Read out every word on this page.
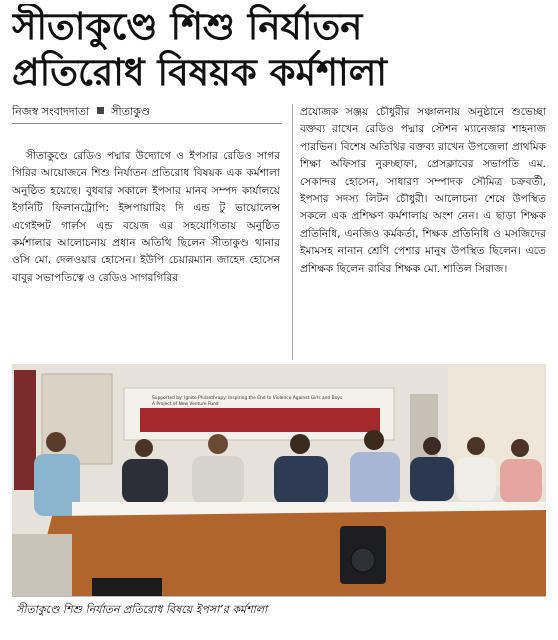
সীতাকুণ্ডে শিশু নির্যাতন
প্রতিরোধ বিষয়ক কর্মশালা
নিজস্ব সংবাদদাতা সীতাকুণ্ড
সীতাকুণ্ডে রেডিও পদ্মার উদ্যোগে ও ইপসার রেডিও সাগর গিরির আয়োজনে শিশু নির্যাতন প্রতিরোধ বিষয়ক এক কর্মশালা অনুষ্ঠিত হয়েছে। বুধবার সকালে ইপসার মানব সম্পদ কার্যালয়ে ইগনিটি ফিলানট্রোপি: ইন্সপায়ারিং দি এন্ড টু ভায়োলেন্স এগেইন্সট গার্লস এন্ড বয়েজ এর সহযোগিতায় অনুষ্ঠিত কর্মশালার আলোচনায় প্রধান অতিথি ছিলেন সীতাকুণ্ড থানার ওসি মো. দেলওয়ার হোসেন। ইউপি চেয়ারম্যান জাহেদ হোসেন বাবুর সভাপতিত্বে ও রেডিও সাগরগিরির
প্রযোজক সঞ্জয় চৌধুরীর সঞ্চালনায় অনুষ্ঠানে শুভেচ্ছা বক্তব্য রাখেন রেডিও পদ্মার স্টেশন ম্যানেজার শাহনাজ পারভিন। বিশেষ অতিথির বক্তব্য রাখেন উপজেলা প্রাথমিক শিক্ষা অফিসার নুরুচ্ছাফা, প্রেসক্লাবের সভাপতি এম. সেকান্দর হোসেন, সাধারণ সম্পাদক সৌমিত্র চক্রবর্তী, ইপসার সদস্য লিটন চৌধুরী। আলোচনা শেষে উপস্থিত সকলে এক প্রশিক্ষণ কর্মশালায় অংশ নেন। এ ছাড়া শিক্ষক প্রতিনিধি, এনজিও কর্মকর্তা, শিক্ষক প্রতিনিধি ও মসজিদের ইমামসহ নানান শ্রেণি পেশার মানুষ উপস্থিত ছিলেন। এতে প্রশিক্ষক ছিলেন রাবির শিক্ষক মো. শাতিল সিরাজ।
Supported by: Ignite Philanthropy: Inspiring the End to Violence Against Girls and Boys
A Project of New Venture Fund
সীতাকুণ্ডে শিশু নির্যাতন প্রতিরোধ বিষয়ে ইপসা’র কর্মশালা
